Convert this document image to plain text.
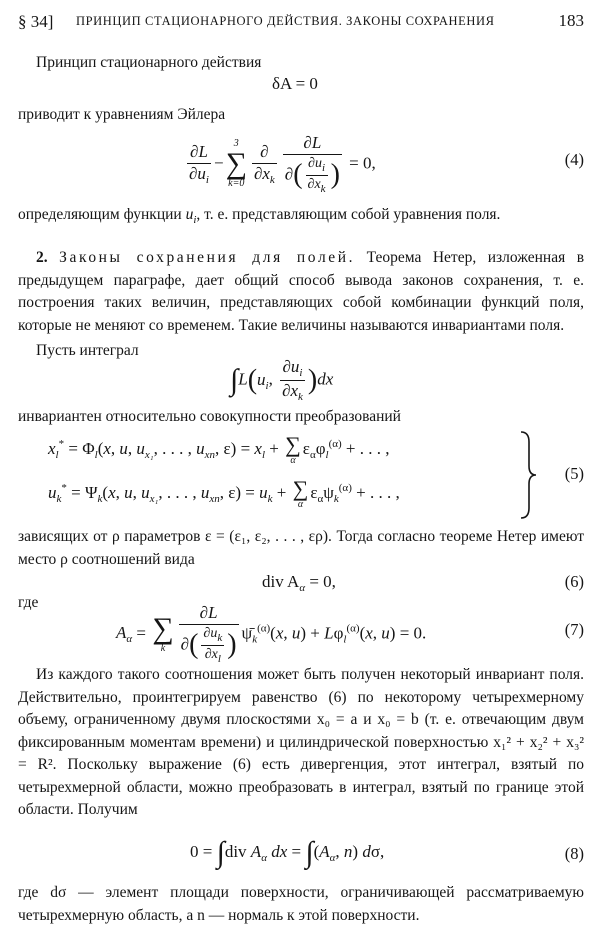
§ 34] ПРИНЦИП СТАЦИОНАРНОГО ДЕЙСТВИЯ. ЗАКОНЫ СОХРАНЕНИЯ	183
Принцип стационарного действия
δA = 0
приводит к уравнениям Эйлера
$\frac{\partial L}{\partial u_i}$ −
3
∑
$k=0 \frac{\partial}{\partial x_k} \frac{\partial L}{\partial( \frac{\partial u_i}{\partial x_k} )} = 0$,	(4)
определяющим функции $u_i$, т. е. представляющим собой уравнения поля.
2. Законы сохранения для полей. Теорема Нетер, изложенная в предыдущем параграфе, дает общий способ вывода законов сохранения, т. е. построения таких величин, представляющих собой комбинации функций поля, которые не меняют со временем. Такие величины называются инвариантами поля.
Пусть интеграл
$\int L(u_i$, $\frac{\partial u_i}{\partial x_k} )dx$
инвариантен относительно совокупности преобразований
$x_l^* = \Phi_l(x$, u, $u_{x_1}$, . . . , $u_{xn}$, $\varepsilon) = x_l$ + ∑
α
$\varepsilon_\alpha\varphi_l^{(\alpha)}$ + . . . ,
$u_k^* = \Psi_k(x$, u, $u_{x_1}$, . . . , $u_{xn}$, $\varepsilon) = u_k$ + ∑
α
$\varepsilon_\alpha\psi_k^{(\alpha)}$ + . . . ,
(5)
зависящих от ρ параметров ε = (ε₁, ε₂, . . . , ερ). Тогда согласно теореме Нетер имеют место ρ соотношений вида
div $A_\alpha = 0$,	(6)
где
$A_\alpha$ = ∑
k $\frac{\partial L}{\partial( \frac{\partial u_k}{\partial x_l} )}$ $\psī_k^{(\alpha)}(x$, $u) + L\varphi_l^{(\alpha)}(x$, u) = 0.	(7)
Из каждого такого соотношения может быть получен некоторый инвариант поля. Действительно, проинтегрируем равенство (6) по некоторому четырехмерному объему, ограниченному двумя плоскостями x₀ = a и x₀ = b (т. е. отвечающим двум фиксированным моментам времени) и цилиндрической поверхностью x₁² + x₂² + x₃² = R². Поскольку выражение (6) есть дивергенция, этот интеграл, взятый по четырехмерной области, можно преобразовать в интеграл, взятый по границе этой области. Получим
0 = ∫div $A_\alpha$ dx = $\int(A_\alpha$, n) dσ,	(8)
где dσ — элемент площади поверхности, ограничивающей рассматриваемую четырехмерную область, а n — нормаль к этой поверхности.
